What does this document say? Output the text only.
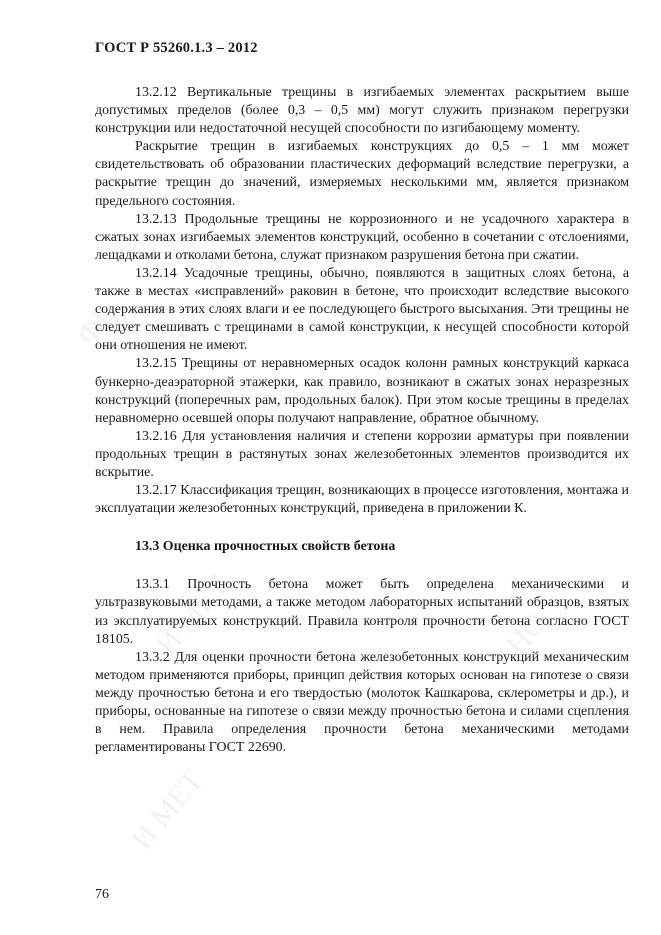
ФЕ
И МЕТ	НО
И МЕТ
ГОСТ Р 55260.1.3 – 2012

13.2.12 Вертикальные трещины в изгибаемых элементах раскрытием выше допустимых пределов (более 0,3 – 0,5 мм) могут служить признаком перегрузки конструкции или недостаточной несущей способности по изгибающему моменту.

Раскрытие трещин в изгибаемых конструкциях до 0,5 – 1 мм может свидетельствовать об образовании пластических деформаций вследствие перегрузки, а раскрытие трещин до значений, измеряемых несколькими мм, является признаком предельного состояния.

13.2.13 Продольные трещины не коррозионного и не усадочного характера в сжатых зонах изгибаемых элементов конструкций, особенно в сочетании с отслоениями, лещадками и отколами бетона, служат признаком разрушения бетона при сжатии.

13.2.14 Усадочные трещины, обычно, появляются в защитных слоях бетона, а также в местах «исправлений» раковин в бетоне, что происходит вследствие высокого содержания в этих слоях влаги и ее последующего быстрого высыхания. Эти трещины не следует смешивать с трещинами в самой конструкции, к несущей способности которой они отношения не имеют.

13.2.15 Трещины от неравномерных осадок колонн рамных конструкций каркаса бункерно-деаэраторной этажерки, как правило, возникают в сжатых зонах неразрезных конструкций (поперечных рам, продольных балок). При этом косые трещины в пределах неравномерно осевшей опоры получают направление, обратное обычному.

13.2.16 Для установления наличия и степени коррозии арматуры при появлении продольных трещин в растянутых зонах железобетонных элементов производится их вскрытие.

13.2.17 Классификация трещин, возникающих в процессе изготовления, монтажа и эксплуатации железобетонных конструкций, приведена в приложении К.

13.3 Оценка прочностных свойств бетона

13.3.1 Прочность бетона может быть определена механическими и ультразвуковыми методами, а также методом лабораторных испытаний образцов, взятых из эксплуатируемых конструкций. Правила контроля прочности бетона согласно ГОСТ 18105.

13.3.2 Для оценки прочности бетона железобетонных конструкций механическим методом применяются приборы, принцип действия которых основан на гипотезе о связи между прочностью бетона и его твердостью (молоток Кашкарова, склерометры и др.), и приборы, основанные на гипотезе о связи между прочностью бетона и силами сцепления в нем. Правила определения прочности бетона механическими методами регламентированы ГОСТ 22690.

76
